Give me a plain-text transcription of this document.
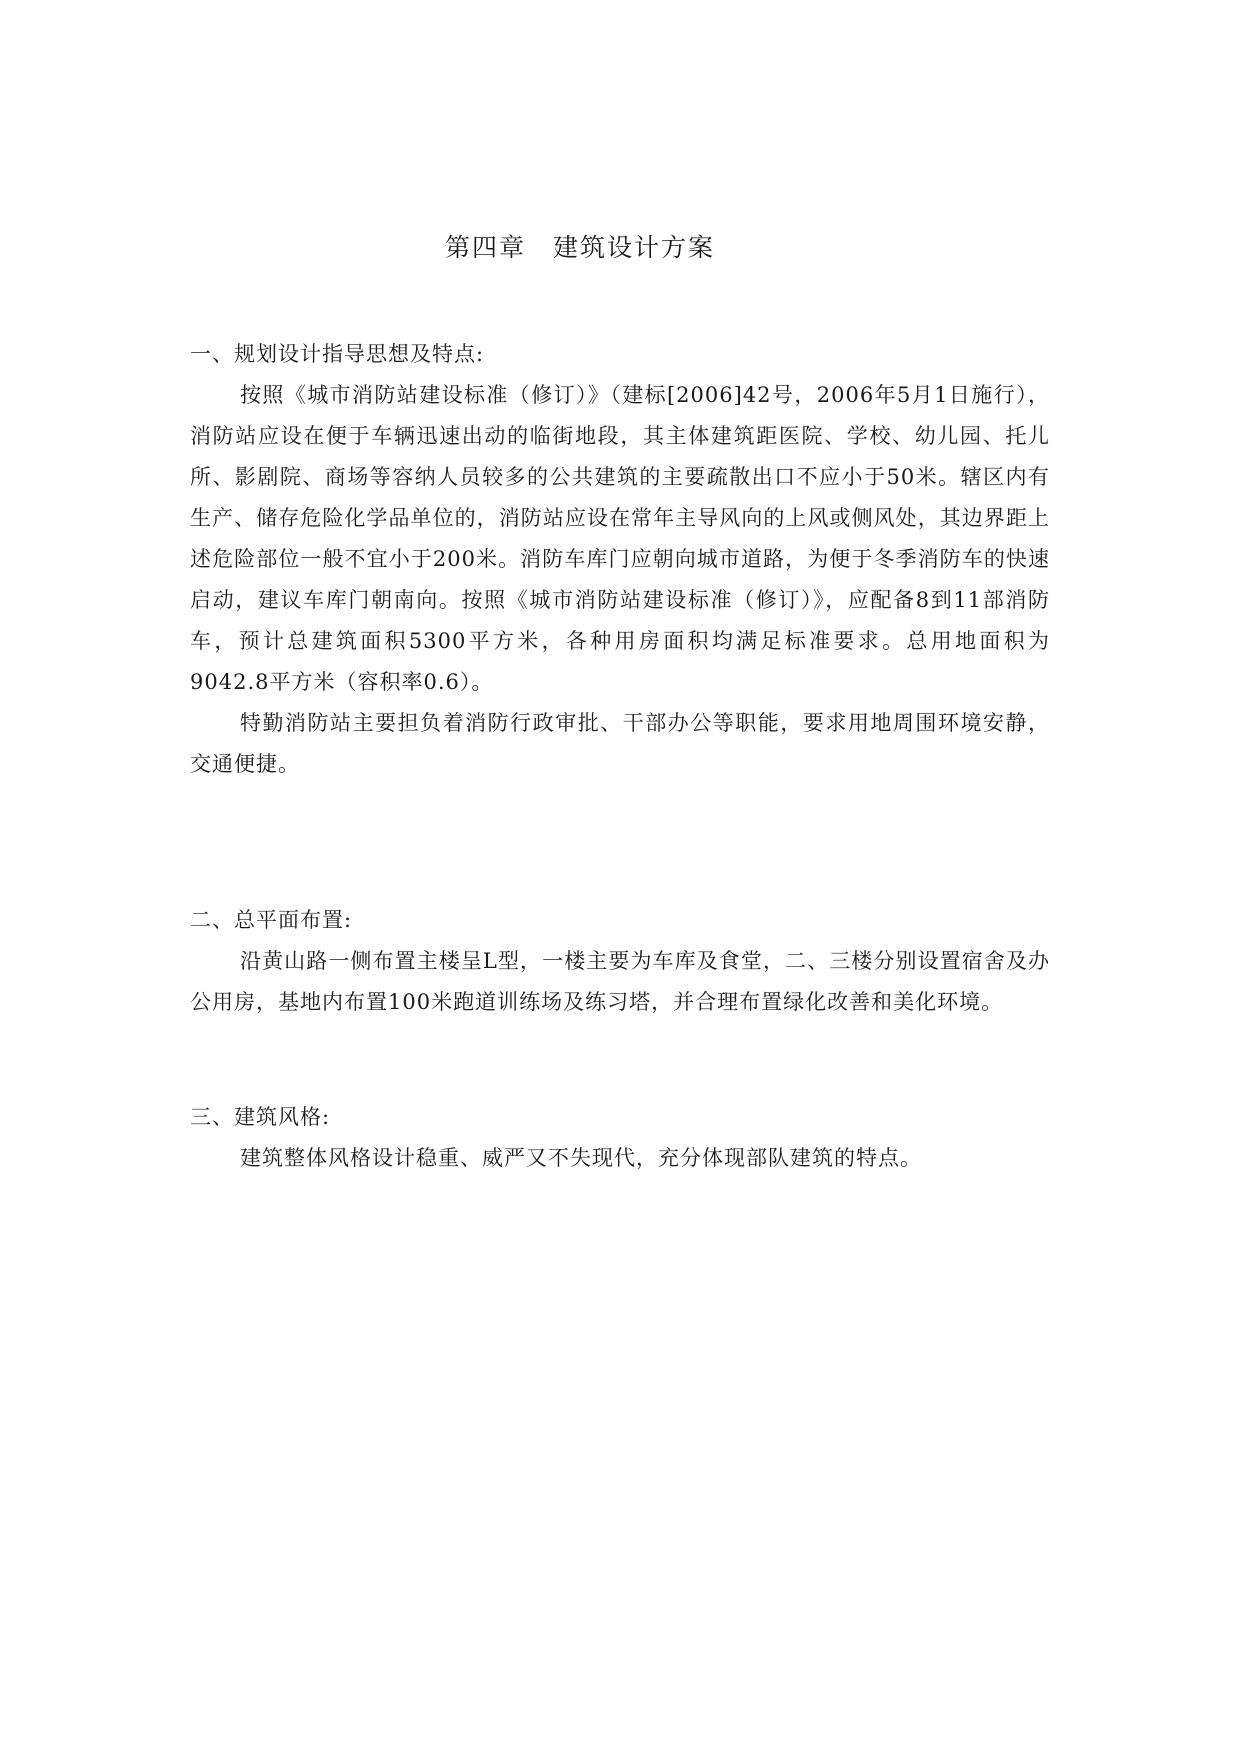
第四章　建筑设计方案

一、规划设计指导思想及特点:

按照《城市消防站建设标准（修订）》（建标[2006]42号，2006年5月1日施行），消防站应设在便于车辆迅速出动的临街地段，其主体建筑距医院、学校、幼儿园、托儿所、影剧院、商场等容纳人员较多的公共建筑的主要疏散出口不应小于50米。辖区内有生产、储存危险化学品单位的，消防站应设在常年主导风向的上风或侧风处，其边界距上述危险部位一般不宜小于200米。消防车库门应朝向城市道路，为便于冬季消防车的快速启动，建议车库门朝南向。按照《城市消防站建设标准（修订）》，应配备8到11部消防车，预计总建筑面积5300平方米，各种用房面积均满足标准要求。总用地面积为9042.8平方米（容积率0.6）。

特勤消防站主要担负着消防行政审批、干部办公等职能，要求用地周围环境安静，交通便捷。

二、总平面布置:

沿黄山路一侧布置主楼呈L型，一楼主要为车库及食堂，二、三楼分别设置宿舍及办公用房，基地内布置100米跑道训练场及练习塔，并合理布置绿化改善和美化环境。

三、建筑风格:

建筑整体风格设计稳重、威严又不失现代，充分体现部队建筑的特点。
